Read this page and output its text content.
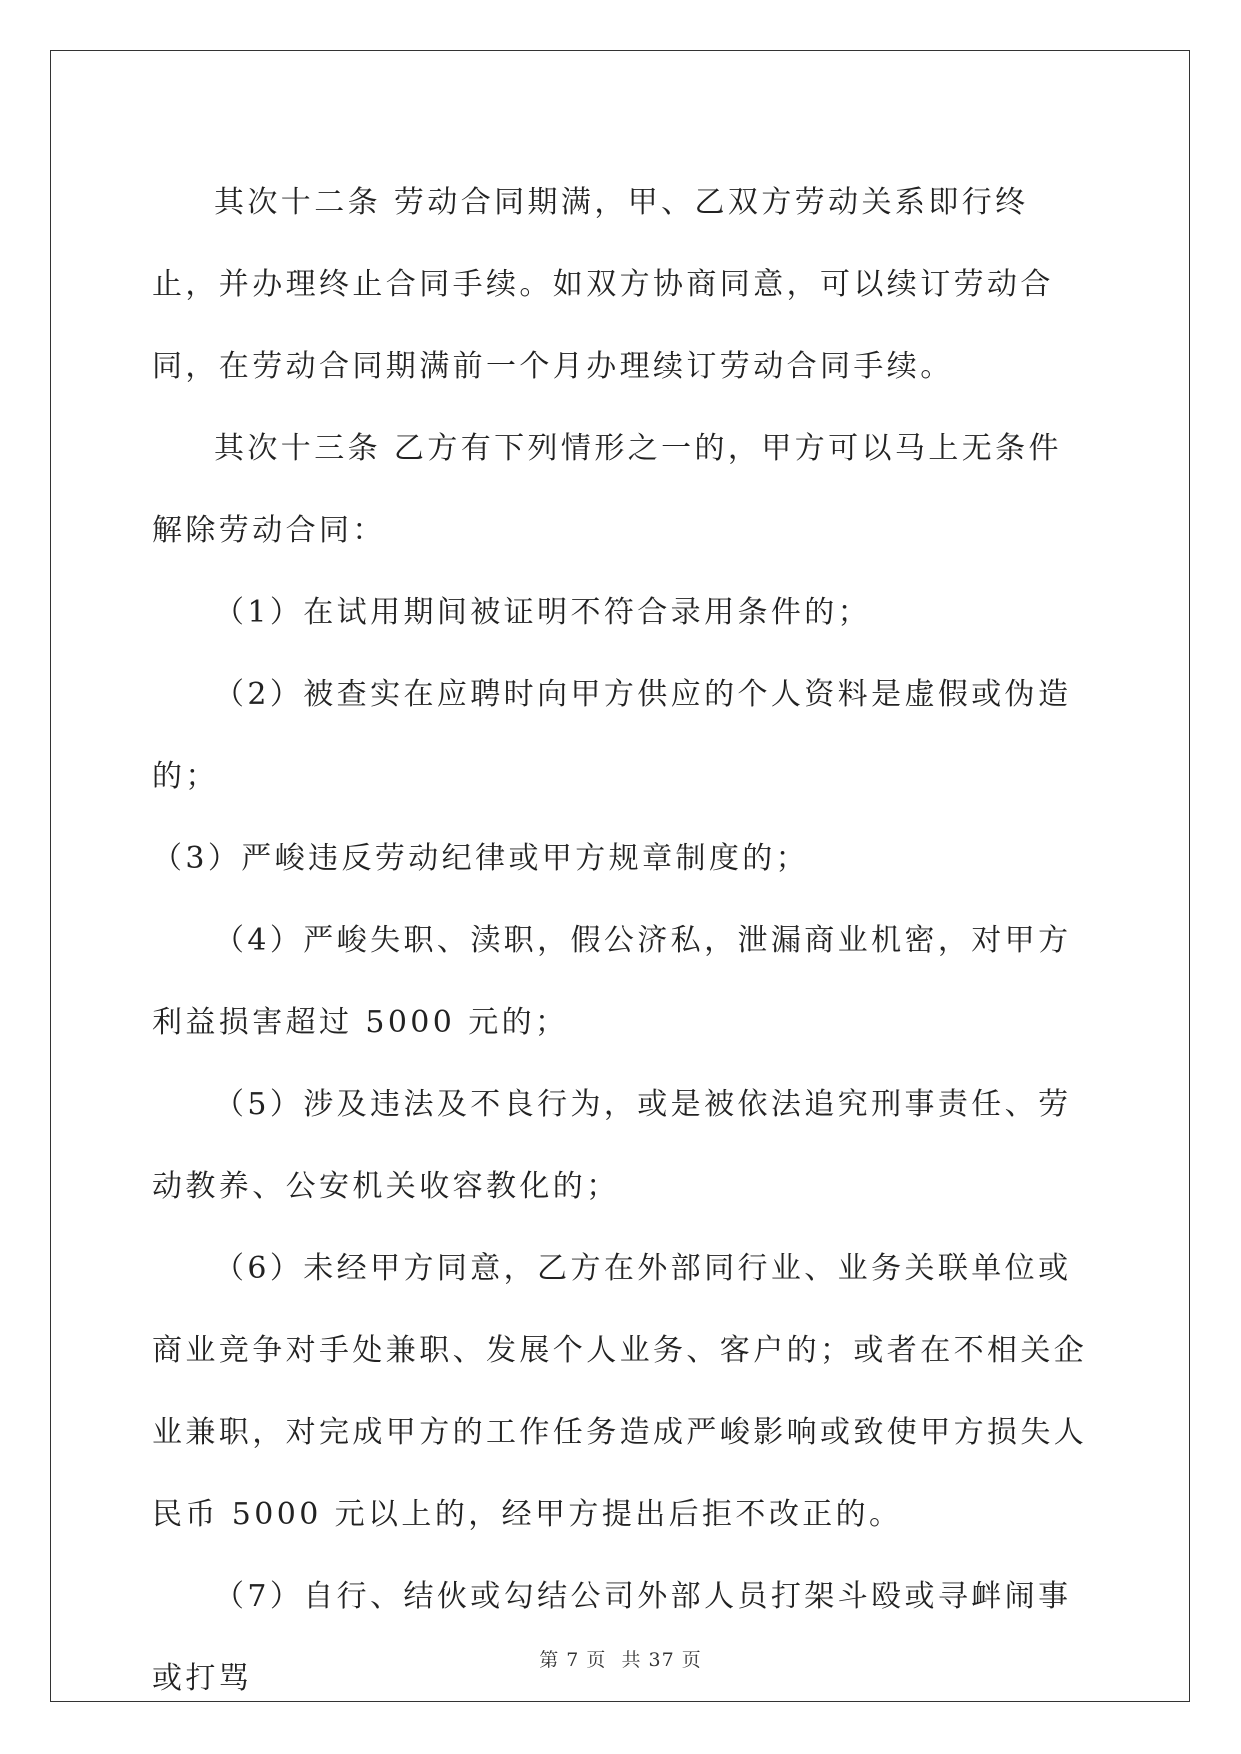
其次十二条 劳动合同期满，甲、乙双方劳动关系即行终止，并办理终止合同手续。如双方协商同意，可以续订劳动合同，在劳动合同期满前一个月办理续订劳动合同手续。

其次十三条 乙方有下列情形之一的，甲方可以马上无条件解除劳动合同：

（1）在试用期间被证明不符合录用条件的；

（2）被查实在应聘时向甲方供应的个人资料是虚假或伪造的；

（3）严峻违反劳动纪律或甲方规章制度的；

（4）严峻失职、渎职，假公济私，泄漏商业机密，对甲方利益损害超过 5000 元的；

（5）涉及违法及不良行为，或是被依法追究刑事责任、劳动教养、公安机关收容教化的；

（6）未经甲方同意，乙方在外部同行业、业务关联单位或商业竞争对手处兼职、发展个人业务、客户的；或者在不相关企业兼职，对完成甲方的工作任务造成严峻影响或致使甲方损失人民币 5000 元以上的，经甲方提出后拒不改正的。

（7）自行、结伙或勾结公司外部人员打架斗殴或寻衅闹事或打骂

第 7 页 共 37 页
